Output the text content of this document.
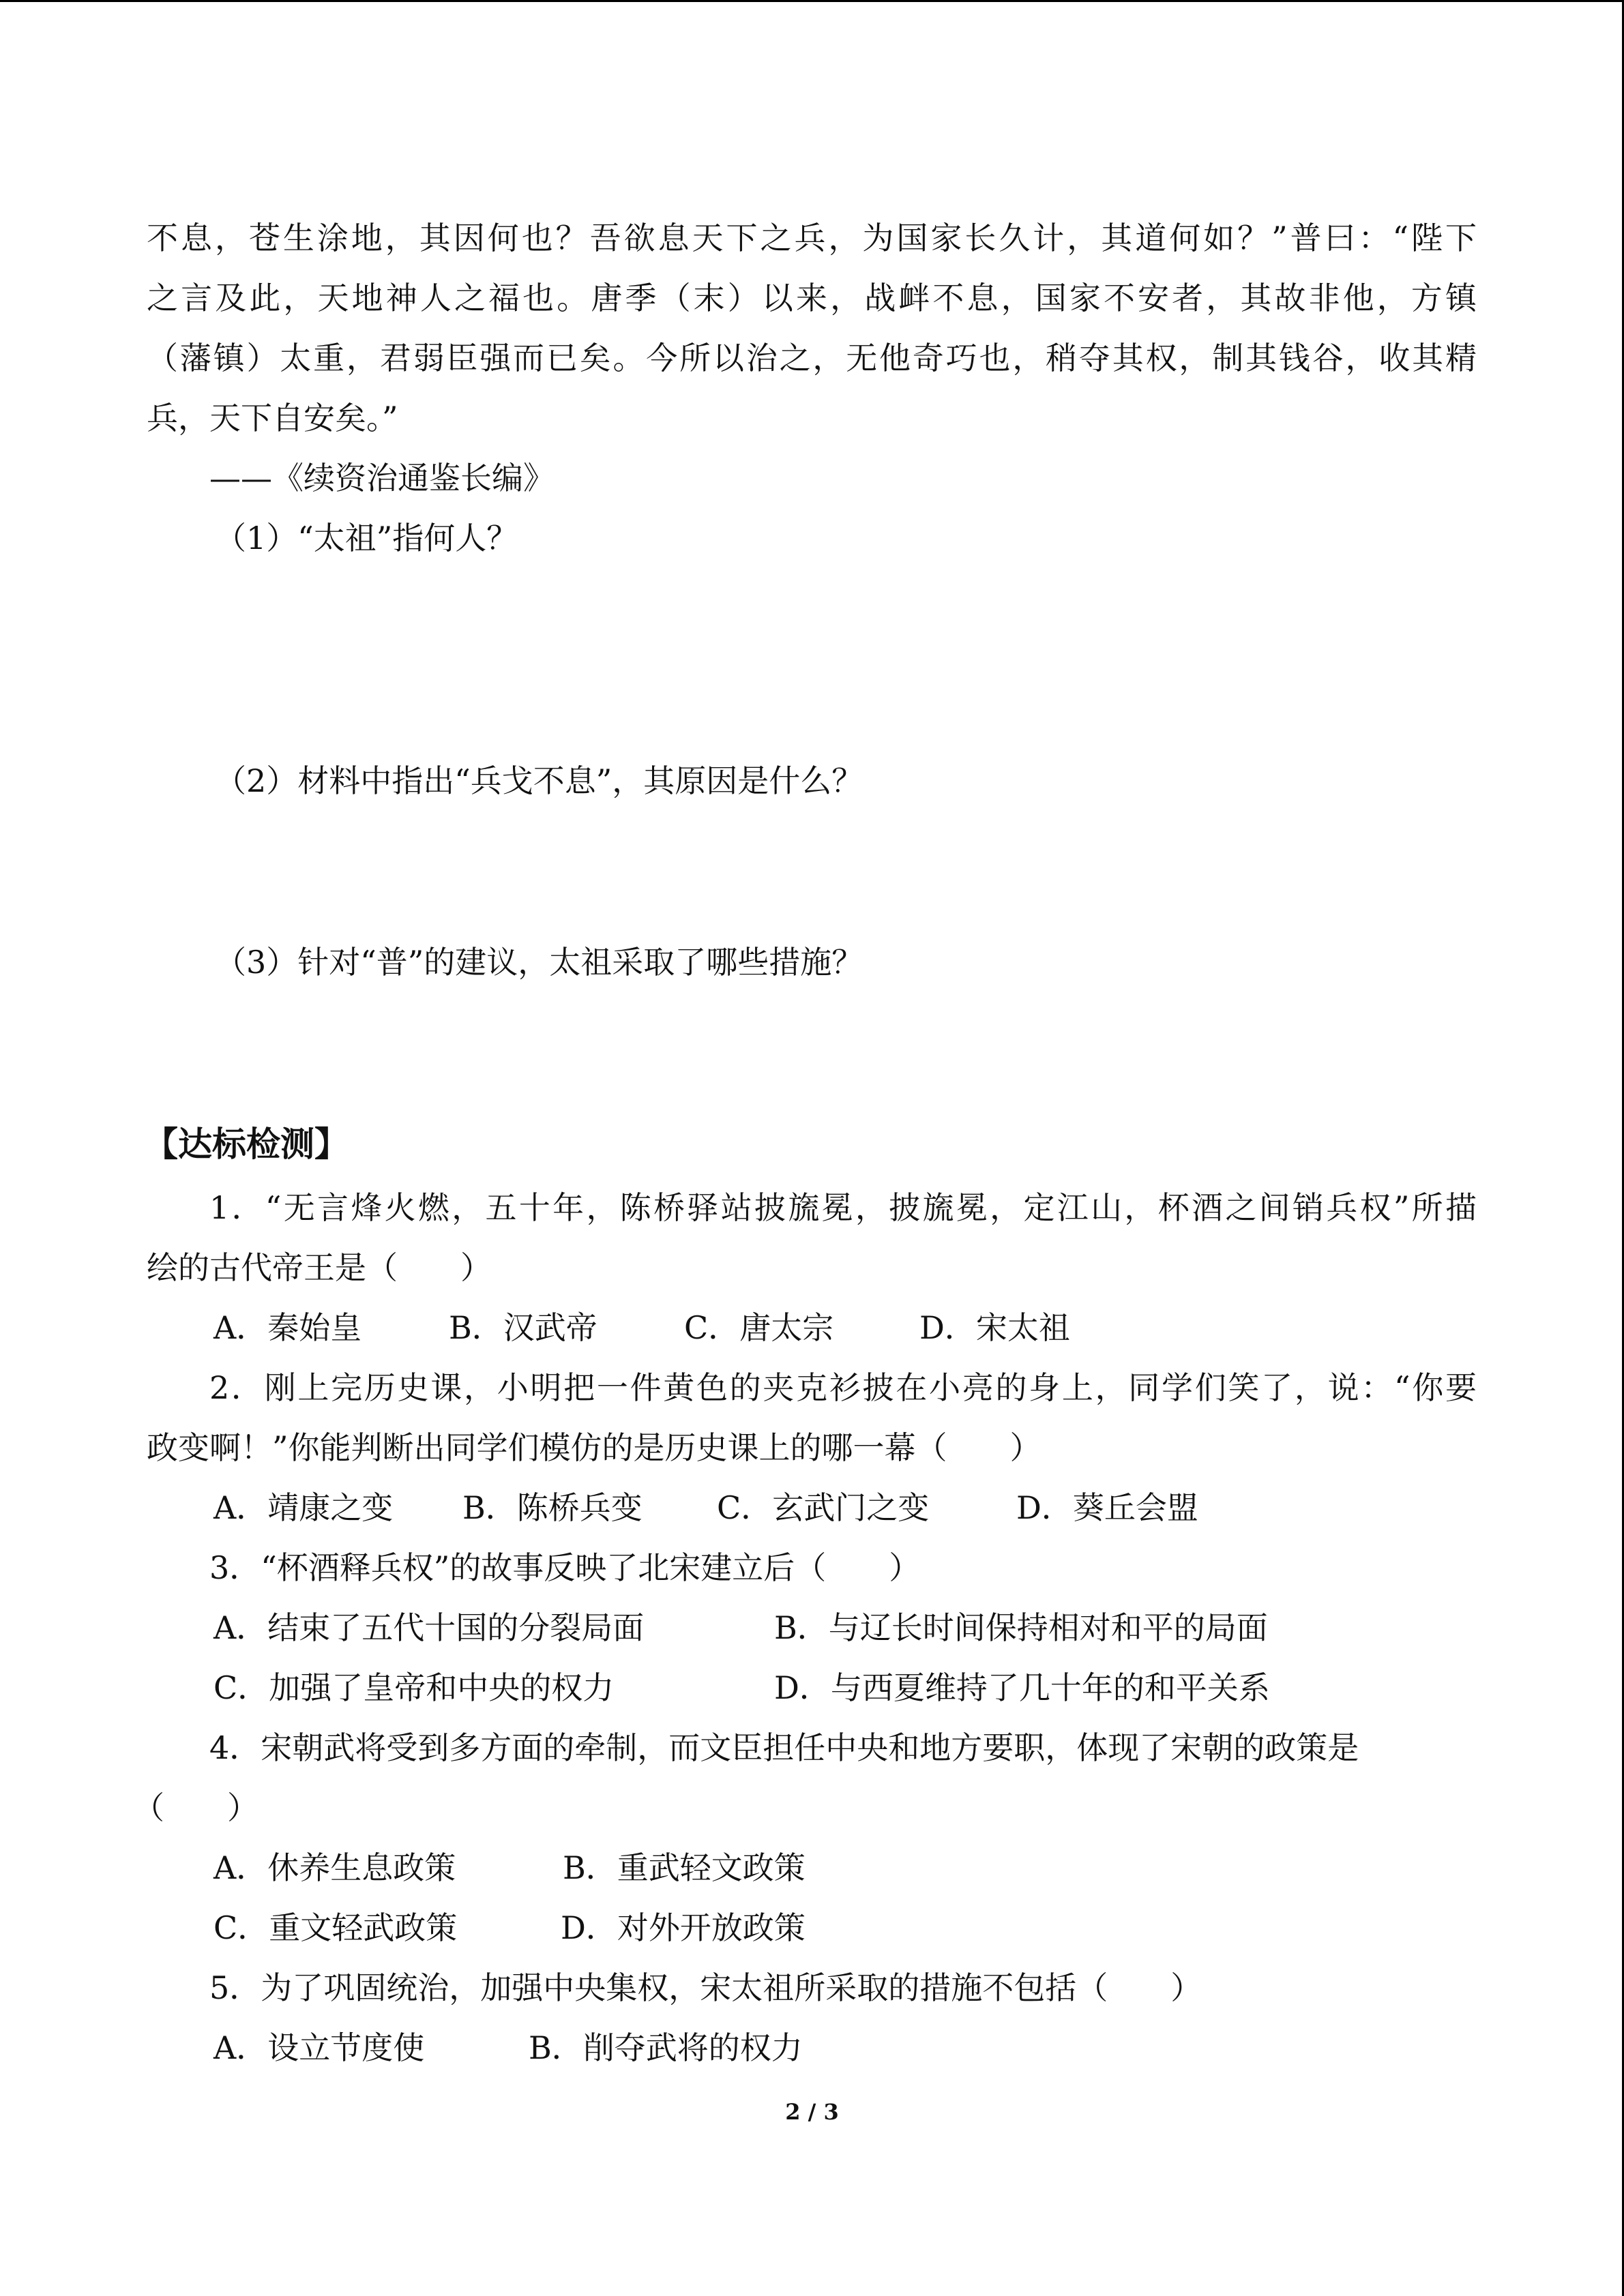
不息，苍生涂地，其因何也？吾欲息天下之兵，为国家长久计，其道何如？”普曰：“陛下
之言及此，天地神人之福也。唐季（末）以来，战衅不息，国家不安者，其故非他，方镇
（藩镇）太重，君弱臣强而已矣。今所以治之，无他奇巧也，稍夺其权，制其钱谷，收其精
兵，天下自安矣。”
——《续资治通鉴长编》
（1）“太祖”指何人？
（2）材料中指出“兵戈不息”，其原因是什么？
（3）针对“普”的建议，太祖采取了哪些措施？
【达标检测】
1．“无言烽火燃，五十年，陈桥驿站披旒冕，披旒冕，定江山，杯酒之间销兵权”所描
绘的古代帝王是（　　）
A．秦始皇	B．汉武帝	C．唐太宗	D．宋太祖
2．刚上完历史课，小明把一件黄色的夹克衫披在小亮的身上，同学们笑了，说：“你要
政变啊！”你能判断出同学们模仿的是历史课上的哪一幕（　　）
A．靖康之变 B．陈桥兵变 C．玄武门之变	D．葵丘会盟
3．“杯酒释兵权”的故事反映了北宋建立后（　　）
A．结束了五代十国的分裂局面	B．与辽长时间保持相对和平的局面
C．加强了皇帝和中央的权力	D．与西夏维持了几十年的和平关系
4．宋朝武将受到多方面的牵制，而文臣担任中央和地方要职，体现了宋朝的政策是
（　　）
A．休养生息政策	B．重武轻文政策
C．重文轻武政策	D．对外开放政策
5．为了巩固统治，加强中央集权，宋太祖所采取的措施不包括（　　）
A．设立节度使	B．削夺武将的权力
2 / 3
